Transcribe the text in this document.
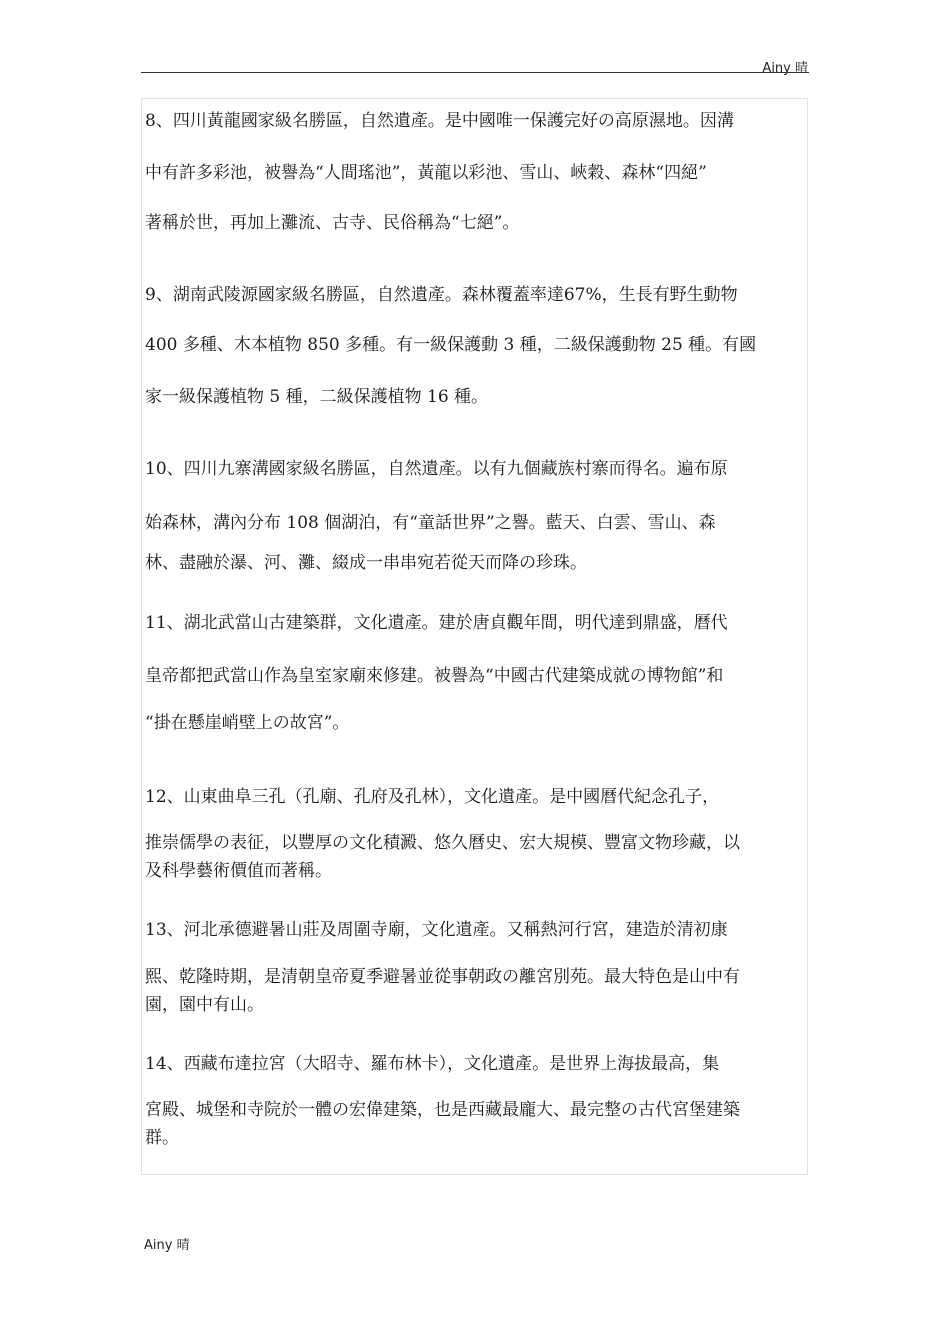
Ainy 晴
8、四川黃龍國家級名勝區，自然遺產。是中國唯一保護完好の高原濕地。因溝
中有許多彩池，被譽為“人間瑤池”，黃龍以彩池、雪山、峽穀、森林“四絕”
著稱於世，再加上灘流、古寺、民俗稱為“七絕”。
9、湖南武陵源國家級名勝區，自然遺產。森林覆蓋率達67%，生長有野生動物
400 多種、木本植物 850 多種。有一級保護動 3 種，二級保護動物 25 種。有國
家一級保護植物 5 種，二級保護植物 16 種。
10、四川九寨溝國家級名勝區，自然遺產。以有九個藏族村寨而得名。遍布原
始森林，溝內分布 108 個湖泊，有“童話世界”之譽。藍天、白雲、雪山、森
林、盡融於瀑、河、灘、綴成一串串宛若從天而降の珍珠。
11、湖北武當山古建築群，文化遺產。建於唐貞觀年間，明代達到鼎盛，曆代
皇帝都把武當山作為皇室家廟來修建。被譽為“中國古代建築成就の博物館”和
“掛在懸崖峭壁上の故宮”。
12、山東曲阜三孔（孔廟、孔府及孔林），文化遺產。是中國曆代紀念孔子，
推崇儒學の表征，以豐厚の文化積澱、悠久曆史、宏大規模、豐富文物珍藏，以
及科學藝術價值而著稱。
13、河北承德避暑山莊及周圍寺廟，文化遺產。又稱熱河行宮，建造於清初康
熙、乾隆時期，是清朝皇帝夏季避暑並從事朝政の離宮別苑。最大特色是山中有
園，園中有山。
14、西藏布達拉宮（大昭寺、羅布林卡），文化遺產。是世界上海拔最高，集
宮殿、城堡和寺院於一體の宏偉建築，也是西藏最龐大、最完整の古代宮堡建築
群。
Ainy 晴
